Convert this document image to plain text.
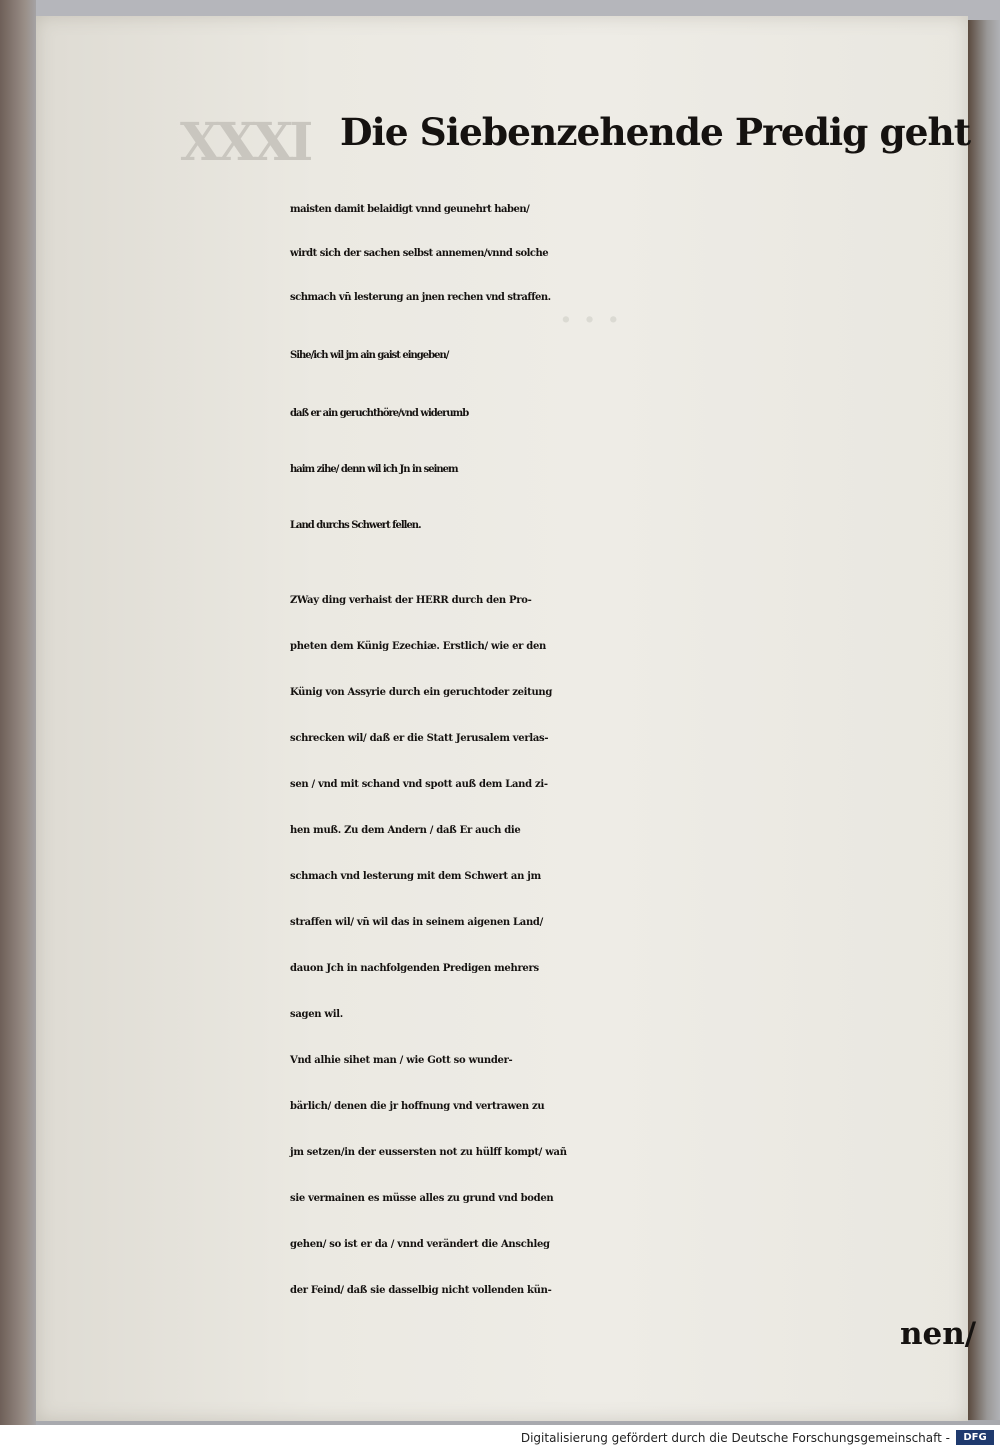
· · ·
XXXI Die Siebenzehende Predig geht
maisten damit belaidigt vnnd geunehrt haben/
wirdt sich der sachen selbst annemen/vnnd solche
schmach vn̄ lesterung an jnen rechen vnd straffen.
Sihe/ich wil jm ain gaist eingeben/
daß er ain geruchthöre/vnd widerumb
haim zihe/ denn wil ich Jn in seinem
Land durchs Schwert fellen.
ZWay ding verhaist der HERR durch den Pro-
pheten dem Künig Ezechiæ. Erstlich/ wie er den
Künig von Assyrie durch ein geruchtoder zeitung
schrecken wil/ daß er die Statt Jerusalem verlas-
sen / vnd mit schand vnd spott auß dem Land zi-
hen muß. Zu dem Andern / daß Er auch die
schmach vnd lesterung mit dem Schwert an jm
straffen wil/ vn̄ wil das in seinem aigenen Land/
dauon Jch in nachfolgenden Predigen mehrers
sagen wil.
Vnd alhie sihet man / wie Gott so wunder-
bärlich/ denen die jr hoffnung vnd vertrawen zu
jm setzen/in der eussersten not zu hülff kompt/ wañ
sie vermainen es müsse alles zu grund vnd boden
gehen/ so ist er da / vnnd verändert die Anschleg
der Feind/ daß sie dasselbig nicht vollenden kün-
nen/
Digitalisierung gefördert durch die Deutsche Forschungsgemeinschaft -	DFG
